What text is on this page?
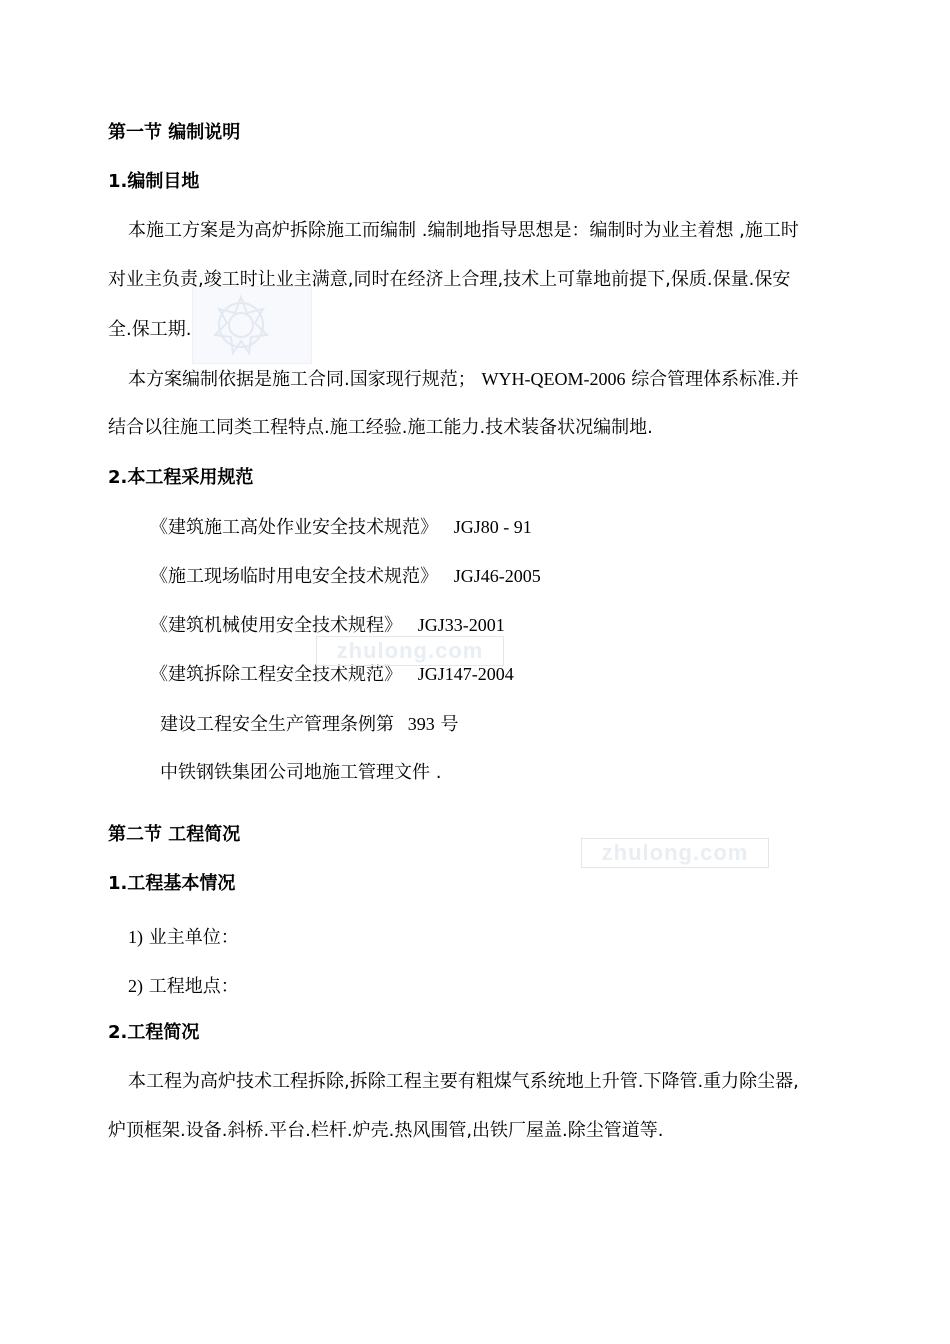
第一节 编制说明
1.编制目地
本施工方案是为高炉拆除施工而编制 .编制地指导思想是：编制时为业主着想 ,施工时
对业主负责,竣工时让业主满意,同时在经济上合理,技术上可靠地前提下,保质.保量.保安
全.保工期.
本方案编制依据是施工合同.国家现行规范； WYH-QEOM-2006 综合管理体系标准.并
结合以往施工同类工程特点.施工经验.施工能力.技术装备状况编制地.
2.本工程采用规范
《建筑施工高处作业安全技术规范》 JGJ80 - 91
《施工现场临时用电安全技术规范》 JGJ46-2005
《建筑机械使用安全技术规程》 JGJ33-2001
《建筑拆除工程安全技术规范》 JGJ147-2004
建设工程安全生产管理条例第 393 号
中铁钢铁集团公司地施工管理文件 .
第二节 工程简况
1.工程基本情况
1) 业主单位：
2) 工程地点：
2.工程简况
本工程为高炉技术工程拆除,拆除工程主要有粗煤气系统地上升管.下降管.重力除尘器,
炉顶框架.设备.斜桥.平台.栏杆.炉壳.热风围管,出铁厂屋盖.除尘管道等.
zhulong.com
zhulong.com
